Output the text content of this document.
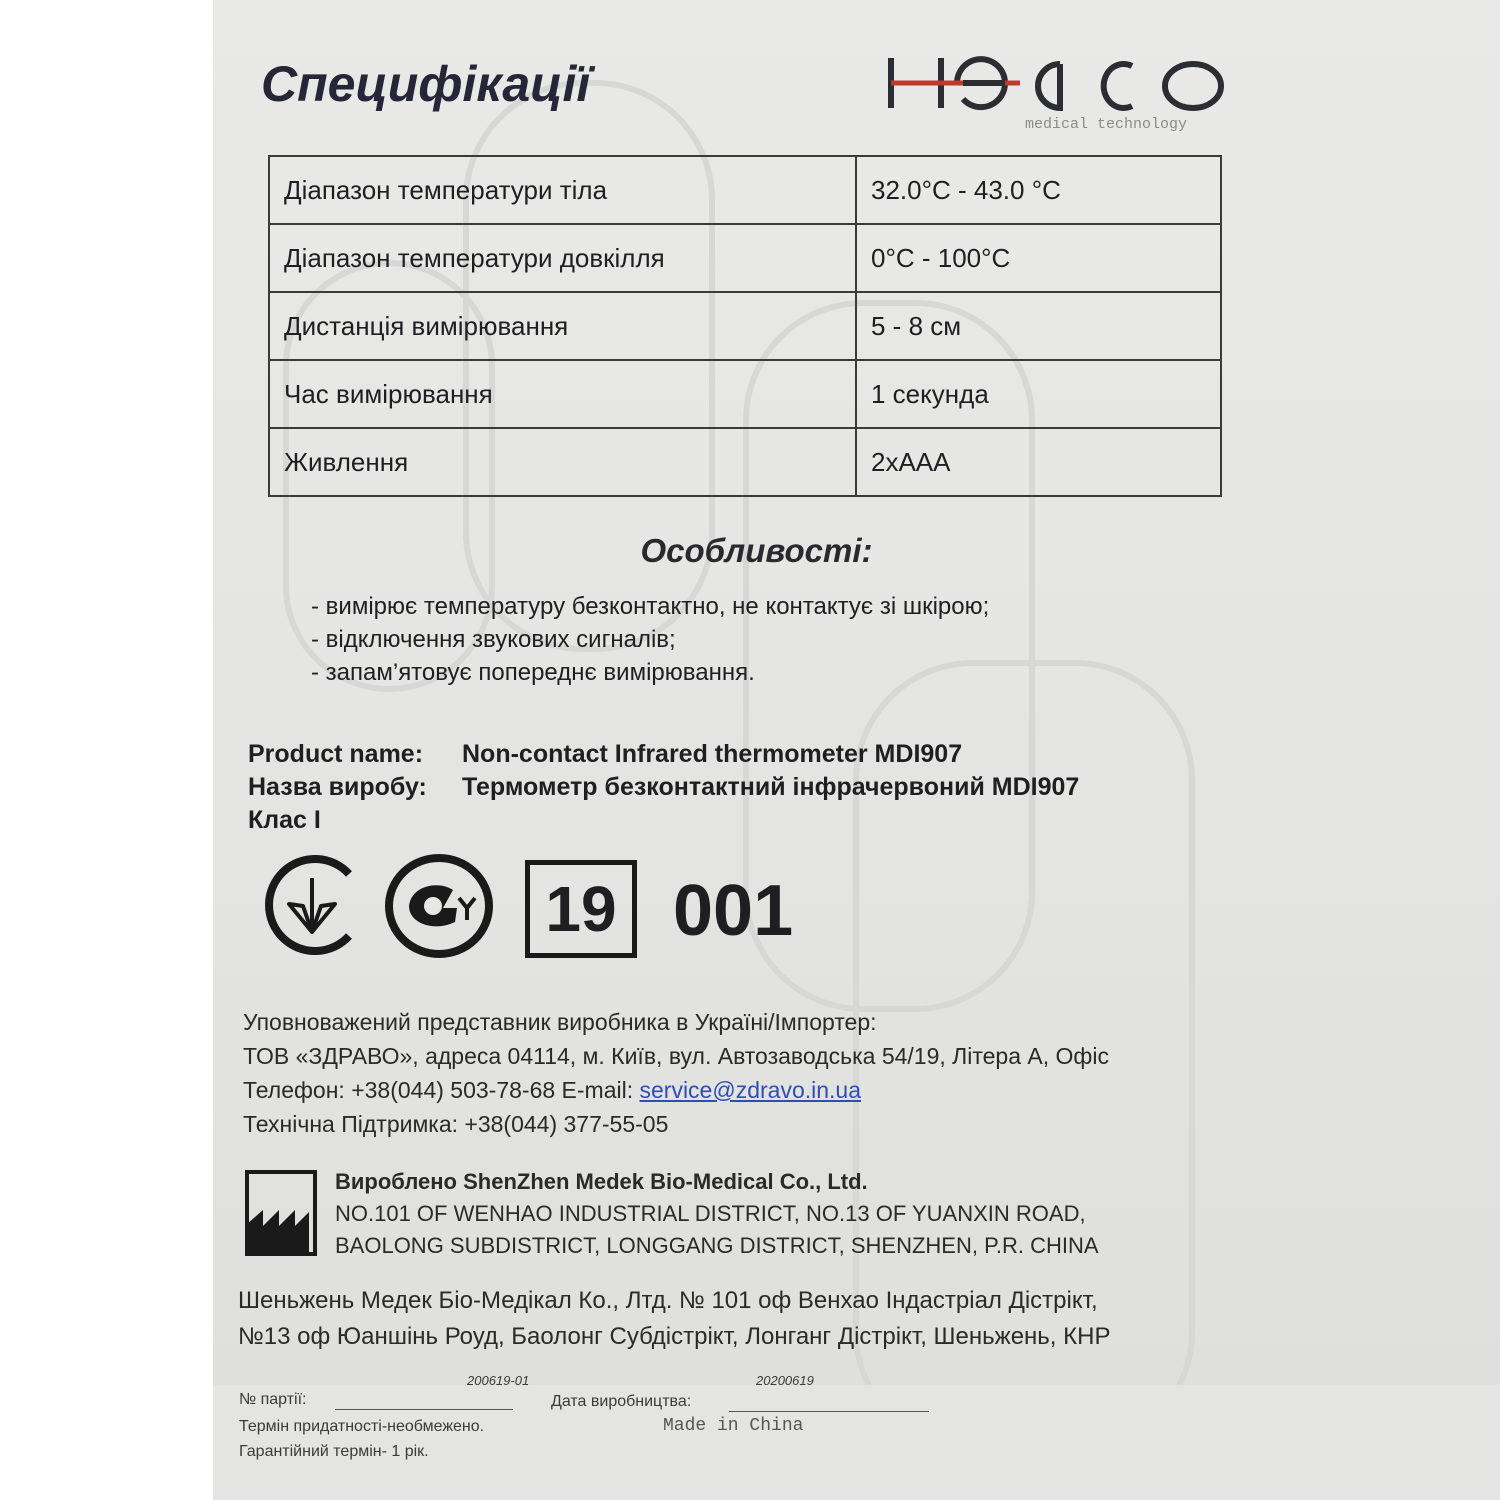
Специфікації
medical technology
Діапазон температури тіла	32.0°C - 43.0 °C
Діапазон температури довкілля	0°C - 100°C
Дистанція вимірювання	5 - 8 см
Час вимірювання	1 секунда
Живлення	2xAAA
Особливості:
- вимірює температуру безконтактно, не контактує зі шкірою;
- відключення звукових сигналів;
- запам’ятовує попереднє вимірювання.
Product name: Non-contact Infrared thermometer MDI907
Назва виробу: Термометр безконтактний інфрачервоний MDI907
Клас I
19 001
Уповноважений представник виробника в Україні/Імпортер:
ТОВ «ЗДРАВО», адреса 04114, м. Київ, вул. Автозаводська 54/19, Літера А, Офіс
Телефон: +38(044) 503-78-68 E-mail: service@zdravo.in.ua
Технічна Підтримка: +38(044) 377-55-05
Вироблено ShenZhen Medek Bio-Medical Co., Ltd.
NO.101 OF WENHAO INDUSTRIAL DISTRICT, NO.13 OF YUANXIN ROAD,
BAOLONG SUBDISTRICT, LONGGANG DISTRICT, SHENZHEN, P.R. CHINA
Шеньжень Медек Біо-Медікал Ко., Лтд. № 101 оф Венхао Індастріал Дістрікт,
№13 оф Юаншінь Роуд, Баолонг Субдістрікт, Лонганг Дістрікт, Шеньжень, КНР
200619-01	20200619
№ партії:	Дата виробництва:
Термін придатності-необмежено.	Made in China
Гарантійний термін- 1 рік.
